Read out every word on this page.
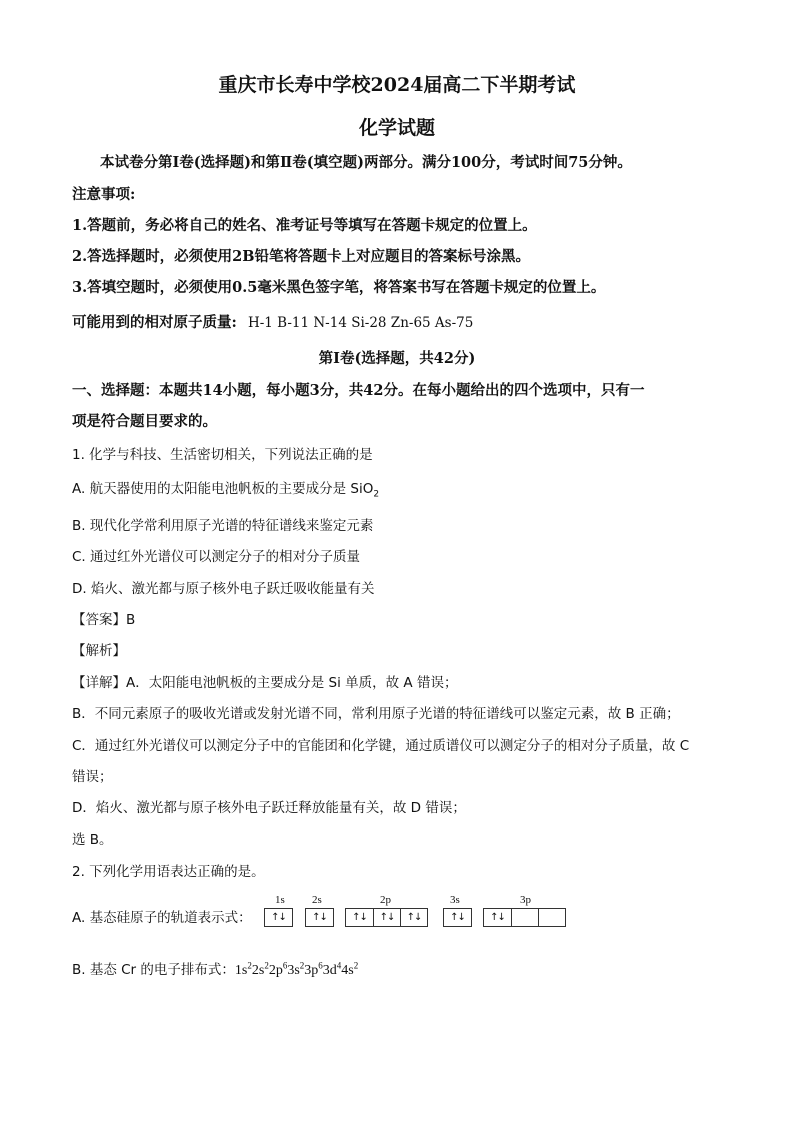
重庆市长寿中学校2024届高二下半期考试
化学试题
本试卷分第Ⅰ卷(选择题)和第Ⅱ卷(填空题)两部分。满分100分，考试时间75分钟。
注意事项:
1.答题前，务必将自己的姓名、准考证号等填写在答题卡规定的位置上。
2.答选择题时，必须使用2B铅笔将答题卡上对应题目的答案标号涂黑。
3.答填空题时，必须使用0.5毫米黑色签字笔，将答案书写在答题卡规定的位置上。
可能用到的相对原子质量: H-1 B-11 N-14 Si-28 Zn-65 As-75
第Ⅰ卷(选择题，共42分)
一、选择题：本题共14小题，每小题3分，共42分。在每小题给出的四个选项中，只有一
项是符合题目要求的。
1. 化学与科技、生活密切相关，下列说法正确的是
A. 航天器使用的太阳能电池帆板的主要成分是 SiO$_2$
B. 现代化学常利用原子光谱的特征谱线来鉴定元素
C. 通过红外光谱仪可以测定分子的相对分子质量
D. 焰火、激光都与原子核外电子跃迁吸收能量有关
【答案】B
【解析】
【详解】A．太阳能电池帆板的主要成分是 Si 单质，故 A 错误；
B．不同元素原子的吸收光谱或发射光谱不同，常利用原子光谱的特征谱线可以鉴定元素，故 B 正确；
C．通过红外光谱仪可以测定分子中的官能团和化学键，通过质谱仪可以测定分子的相对分子质量，故 C
错误；
D．焰火、激光都与原子核外电子跃迁释放能量有关，故 D 错误；
选 B。
2. 下列化学用语表达正确的是。
A. 基态硅原子的轨道表示式：
1s
↑↓
2s
↑↓
2p
↑↓	↑↓	↑↓
3s
↑↓
3p
↑↓
B. 基态 Cr 的电子排布式：$1s^22s^22p^63s^23p^63d^44s^2$
